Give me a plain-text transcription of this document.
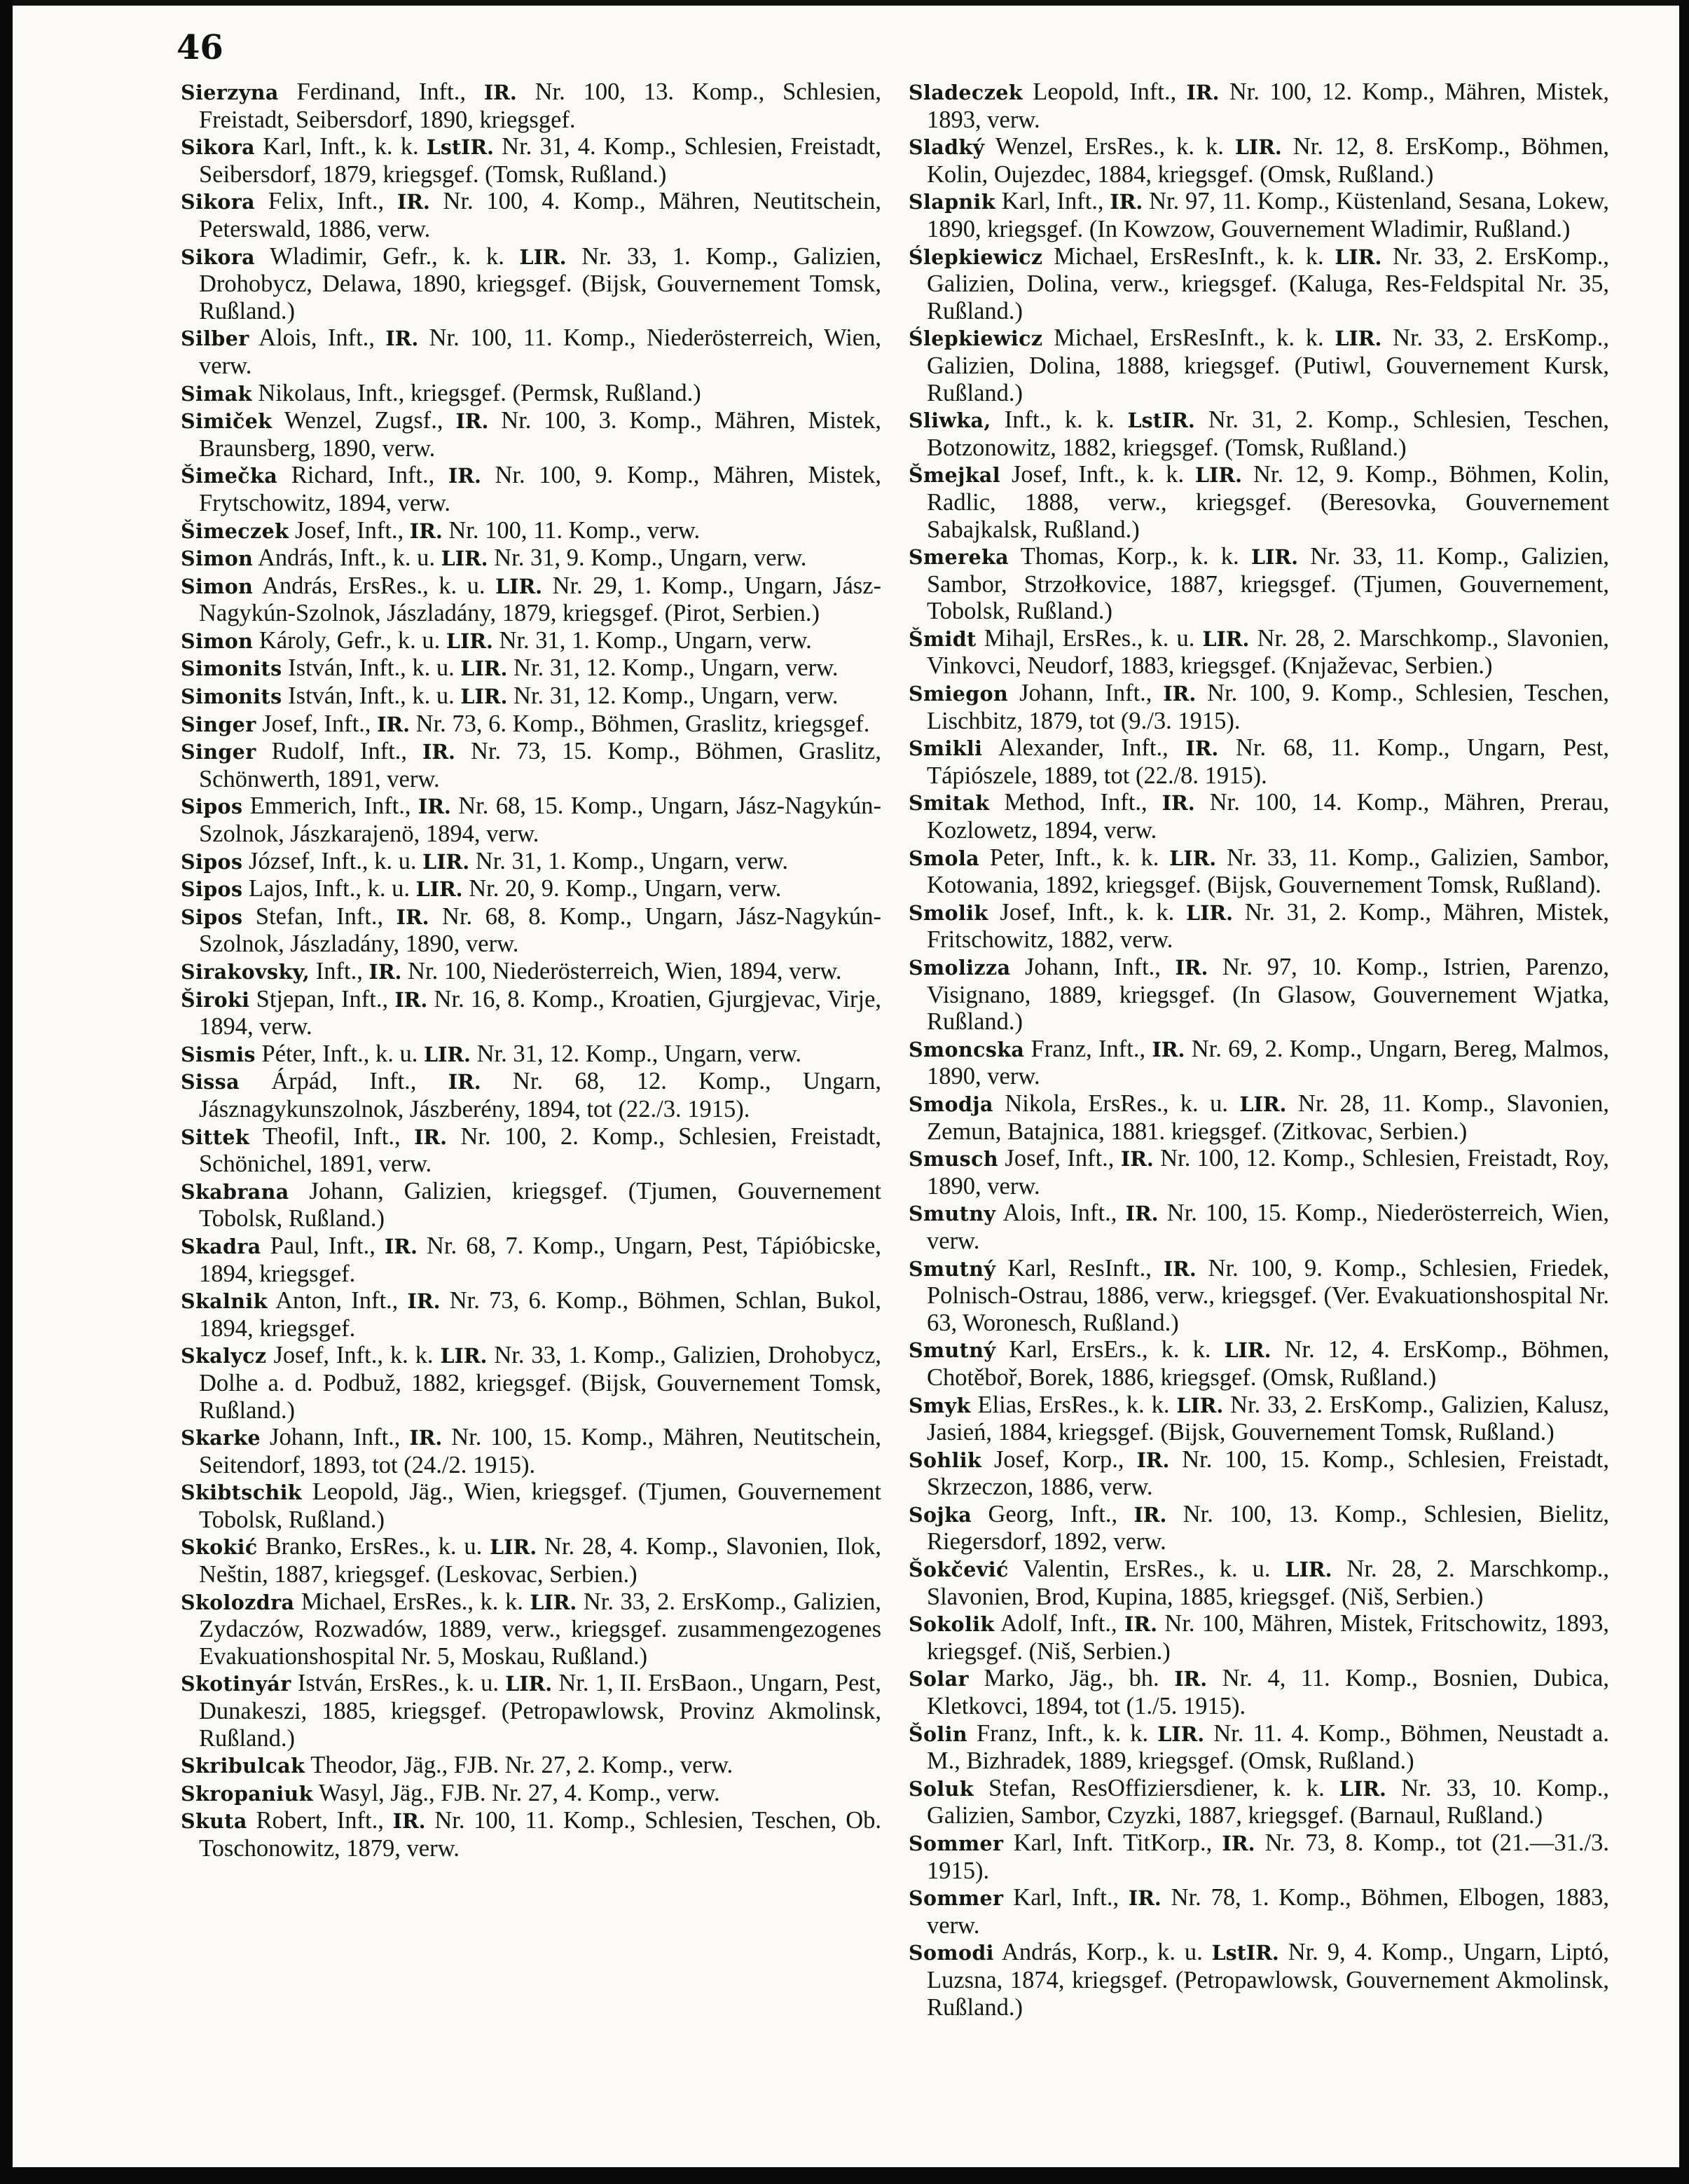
46
Sierzyna Ferdinand, Inft., IR. Nr. 100, 13. Komp., Schlesien, Freistadt, Seibersdorf, 1890, kriegsgef.
Sikora Karl, Inft., k. k. LstIR. Nr. 31, 4. Komp., Schlesien, Freistadt, Seibersdorf, 1879, kriegsgef. (Tomsk, Rußland.)
Sikora Felix, Inft., IR. Nr. 100, 4. Komp., Mähren, Neutitschein, Peterswald, 1886, verw.
Sikora Wladimir, Gefr., k. k. LIR. Nr. 33, 1. Komp., Galizien, Drohobycz, Delawa, 1890, kriegsgef. (Bijsk, Gouvernement Tomsk, Rußland.)
Silber Alois, Inft., IR. Nr. 100, 11. Komp., Niederösterreich, Wien, verw.
Simak Nikolaus, Inft., kriegsgef. (Permsk, Rußland.)
Simiček Wenzel, Zugsf., IR. Nr. 100, 3. Komp., Mähren, Mistek, Braunsberg, 1890, verw.
Šimečka Richard, Inft., IR. Nr. 100, 9. Komp., Mähren, Mistek, Frytschowitz, 1894, verw.
Šimeczek Josef, Inft., IR. Nr. 100, 11. Komp., verw.
Simon András, Inft., k. u. LIR. Nr. 31, 9. Komp., Ungarn, verw.
Simon András, ErsRes., k. u. LIR. Nr. 29, 1. Komp., Ungarn, Jász-Nagykún-Szolnok, Jászladány, 1879, kriegsgef. (Pirot, Serbien.)
Simon Károly, Gefr., k. u. LIR. Nr. 31, 1. Komp., Ungarn, verw.
Simonits István, Inft., k. u. LIR. Nr. 31, 12. Komp., Ungarn, verw.
Simonits István, Inft., k. u. LIR. Nr. 31, 12. Komp., Ungarn, verw.
Singer Josef, Inft., IR. Nr. 73, 6. Komp., Böhmen, Graslitz, kriegsgef.
Singer Rudolf, Inft., IR. Nr. 73, 15. Komp., Böhmen, Graslitz, Schönwerth, 1891, verw.
Sipos Emmerich, Inft., IR. Nr. 68, 15. Komp., Ungarn, Jász-Nagykún-Szolnok, Jászkarajenö, 1894, verw.
Sipos József, Inft., k. u. LIR. Nr. 31, 1. Komp., Ungarn, verw.
Sipos Lajos, Inft., k. u. LIR. Nr. 20, 9. Komp., Ungarn, verw.
Sipos Stefan, Inft., IR. Nr. 68, 8. Komp., Ungarn, Jász-Nagykún-Szolnok, Jászladány, 1890, verw.
Sirakovsky, Inft., IR. Nr. 100, Niederösterreich, Wien, 1894, verw.
Široki Stjepan, Inft., IR. Nr. 16, 8. Komp., Kroatien, Gjurgjevac, Virje, 1894, verw.
Sismis Péter, Inft., k. u. LIR. Nr. 31, 12. Komp., Ungarn, verw.
Sissa Árpád, Inft., IR. Nr. 68, 12. Komp., Ungarn, Jásznagykunszolnok, Jászberény, 1894, tot (22./3. 1915).
Sittek Theofil, Inft., IR. Nr. 100, 2. Komp., Schlesien, Freistadt, Schönichel, 1891, verw.
Skabrana Johann, Galizien, kriegsgef. (Tjumen, Gouvernement Tobolsk, Rußland.)
Skadra Paul, Inft., IR. Nr. 68, 7. Komp., Ungarn, Pest, Tápióbicske, 1894, kriegsgef.
Skalnik Anton, Inft., IR. Nr. 73, 6. Komp., Böhmen, Schlan, Bukol, 1894, kriegsgef.
Skalycz Josef, Inft., k. k. LIR. Nr. 33, 1. Komp., Galizien, Drohobycz, Dolhe a. d. Podbuž, 1882, kriegsgef. (Bijsk, Gouvernement Tomsk, Rußland.)
Skarke Johann, Inft., IR. Nr. 100, 15. Komp., Mähren, Neutitschein, Seitendorf, 1893, tot (24./2. 1915).
Skibtschik Leopold, Jäg., Wien, kriegsgef. (Tjumen, Gouvernement Tobolsk, Rußland.)
Skokić Branko, ErsRes., k. u. LIR. Nr. 28, 4. Komp., Slavonien, Ilok, Neštin, 1887, kriegsgef. (Leskovac, Serbien.)
Skolozdra Michael, ErsRes., k. k. LIR. Nr. 33, 2. ErsKomp., Galizien, Zydaczów, Rozwadów, 1889, verw., kriegsgef. zusammengezogenes Evakuationshospital Nr. 5, Moskau, Rußland.)
Skotinyár István, ErsRes., k. u. LIR. Nr. 1, II. ErsBaon., Ungarn, Pest, Dunakeszi, 1885, kriegsgef. (Petropawlowsk, Provinz Akmolinsk, Rußland.)
Skribulcak Theodor, Jäg., FJB. Nr. 27, 2. Komp., verw.
Skropaniuk Wasyl, Jäg., FJB. Nr. 27, 4. Komp., verw.
Skuta Robert, Inft., IR. Nr. 100, 11. Komp., Schlesien, Teschen, Ob. Toschonowitz, 1879, verw.
Sladeczek Leopold, Inft., IR. Nr. 100, 12. Komp., Mähren, Mistek, 1893, verw.
Sladký Wenzel, ErsRes., k. k. LIR. Nr. 12, 8. ErsKomp., Böhmen, Kolin, Oujezdec, 1884, kriegsgef. (Omsk, Rußland.)
Slapnik Karl, Inft., IR. Nr. 97, 11. Komp., Küstenland, Sesana, Lokew, 1890, kriegsgef. (In Kowzow, Gouvernement Wladimir, Rußland.)
Ślepkiewicz Michael, ErsResInft., k. k. LIR. Nr. 33, 2. ErsKomp., Galizien, Dolina, verw., kriegsgef. (Kaluga, Res-Feldspital Nr. 35, Rußland.)
Ślepkiewicz Michael, ErsResInft., k. k. LIR. Nr. 33, 2. ErsKomp., Galizien, Dolina, 1888, kriegsgef. (Putiwl, Gouvernement Kursk, Rußland.)
Sliwka, Inft., k. k. LstIR. Nr. 31, 2. Komp., Schlesien, Teschen, Botzonowitz, 1882, kriegsgef. (Tomsk, Rußland.)
Šmejkal Josef, Inft., k. k. LIR. Nr. 12, 9. Komp., Böhmen, Kolin, Radlic, 1888, verw., kriegsgef. (Beresovka, Gouvernement Sabajkalsk, Rußland.)
Smereka Thomas, Korp., k. k. LIR. Nr. 33, 11. Komp., Galizien, Sambor, Strzołkovice, 1887, kriegsgef. (Tjumen, Gouvernement, Tobolsk, Rußland.)
Šmidt Mihajl, ErsRes., k. u. LIR. Nr. 28, 2. Marschkomp., Slavonien, Vinkovci, Neudorf, 1883, kriegsgef. (Knjaževac, Serbien.)
Smiegon Johann, Inft., IR. Nr. 100, 9. Komp., Schlesien, Teschen, Lischbitz, 1879, tot (9./3. 1915).
Smikli Alexander, Inft., IR. Nr. 68, 11. Komp., Ungarn, Pest, Tápiószele, 1889, tot (22./8. 1915).
Smitak Method, Inft., IR. Nr. 100, 14. Komp., Mähren, Prerau, Kozlowetz, 1894, verw.
Smola Peter, Inft., k. k. LIR. Nr. 33, 11. Komp., Galizien, Sambor, Kotowania, 1892, kriegsgef. (Bijsk, Gouvernement Tomsk, Rußland).
Smolik Josef, Inft., k. k. LIR. Nr. 31, 2. Komp., Mähren, Mistek, Fritschowitz, 1882, verw.
Smolizza Johann, Inft., IR. Nr. 97, 10. Komp., Istrien, Parenzo, Visignano, 1889, kriegsgef. (In Glasow, Gouvernement Wjatka, Rußland.)
Smoncska Franz, Inft., IR. Nr. 69, 2. Komp., Ungarn, Bereg, Malmos, 1890, verw.
Smodja Nikola, ErsRes., k. u. LIR. Nr. 28, 11. Komp., Slavonien, Zemun, Batajnica, 1881. kriegsgef. (Zitkovac, Serbien.)
Smusch Josef, Inft., IR. Nr. 100, 12. Komp., Schlesien, Freistadt, Roy, 1890, verw.
Smutny Alois, Inft., IR. Nr. 100, 15. Komp., Niederösterreich, Wien, verw.
Smutný Karl, ResInft., IR. Nr. 100, 9. Komp., Schlesien, Friedek, Polnisch-Ostrau, 1886, verw., kriegsgef. (Ver. Evakuationshospital Nr. 63, Woronesch, Rußland.)
Smutný Karl, ErsErs., k. k. LIR. Nr. 12, 4. ErsKomp., Böhmen, Chotěboř, Borek, 1886, kriegsgef. (Omsk, Rußland.)
Smyk Elias, ErsRes., k. k. LIR. Nr. 33, 2. ErsKomp., Galizien, Kalusz, Jasień, 1884, kriegsgef. (Bijsk, Gouvernement Tomsk, Rußland.)
Sohlik Josef, Korp., IR. Nr. 100, 15. Komp., Schlesien, Freistadt, Skrzeczon, 1886, verw.
Sojka Georg, Inft., IR. Nr. 100, 13. Komp., Schlesien, Bielitz, Riegersdorf, 1892, verw.
Šokčević Valentin, ErsRes., k. u. LIR. Nr. 28, 2. Marschkomp., Slavonien, Brod, Kupina, 1885, kriegsgef. (Niš, Serbien.)
Sokolik Adolf, Inft., IR. Nr. 100, Mähren, Mistek, Fritschowitz, 1893, kriegsgef. (Niš, Serbien.)
Solar Marko, Jäg., bh. IR. Nr. 4, 11. Komp., Bosnien, Dubica, Kletkovci, 1894, tot (1./5. 1915).
Šolin Franz, Inft., k. k. LIR. Nr. 11. 4. Komp., Böhmen, Neustadt a. M., Bizhradek, 1889, kriegsgef. (Omsk, Rußland.)
Soluk Stefan, ResOffiziersdiener, k. k. LIR. Nr. 33, 10. Komp., Galizien, Sambor, Czyzki, 1887, kriegsgef. (Barnaul, Rußland.)
Sommer Karl, Inft. TitKorp., IR. Nr. 73, 8. Komp., tot (21.—31./3. 1915).
Sommer Karl, Inft., IR. Nr. 78, 1. Komp., Böhmen, Elbogen, 1883, verw.
Somodi András, Korp., k. u. LstIR. Nr. 9, 4. Komp., Ungarn, Liptó, Luzsna, 1874, kriegsgef. (Petropawlowsk, Gouvernement Akmolinsk, Rußland.)
